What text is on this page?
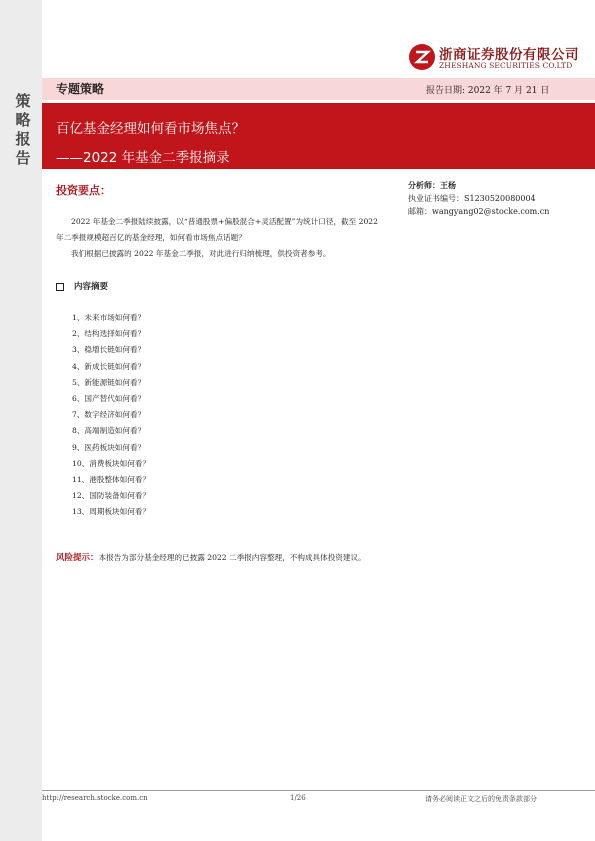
策
略
报
告
浙商证券股份有限公司
ZHESHANG SECURITIES CO.LTD
专题策略	报告日期: 2022 年 7 月 21 日
百亿基金经理如何看市场焦点？
——2022 年基金二季报摘录
分析师：王杨
执业证书编号：S1230520080004
邮箱：wangyang02@stocke.com.cn
投资要点：
2022 年基金二季报陆续披露，以“普通股票+偏股混合+灵活配置”为统计口径，截至 2022 年二季报规模超百亿的基金经理，如何看市场焦点话题？
我们根据已披露的 2022 年基金二季报，对此进行归纳梳理，供投资者参考。
内容摘要
1、未来市场如何看？
2、结构选择如何看？
3、稳增长链如何看？
4、新成长链如何看？
5、新能源链如何看？
6、国产替代如何看？
7、数字经济如何看？
8、高端制造如何看？
9、医药板块如何看？
10、消费板块如何看？
11、港股整体如何看？
12、国防装备如何看？
13、周期板块如何看？
风险提示：本报告为部分基金经理的已披露 2022 二季报内容整理，不构成具体投资建议。
http://research.stocke.com.cn	1/26	请务必阅读正文之后的免责条款部分
